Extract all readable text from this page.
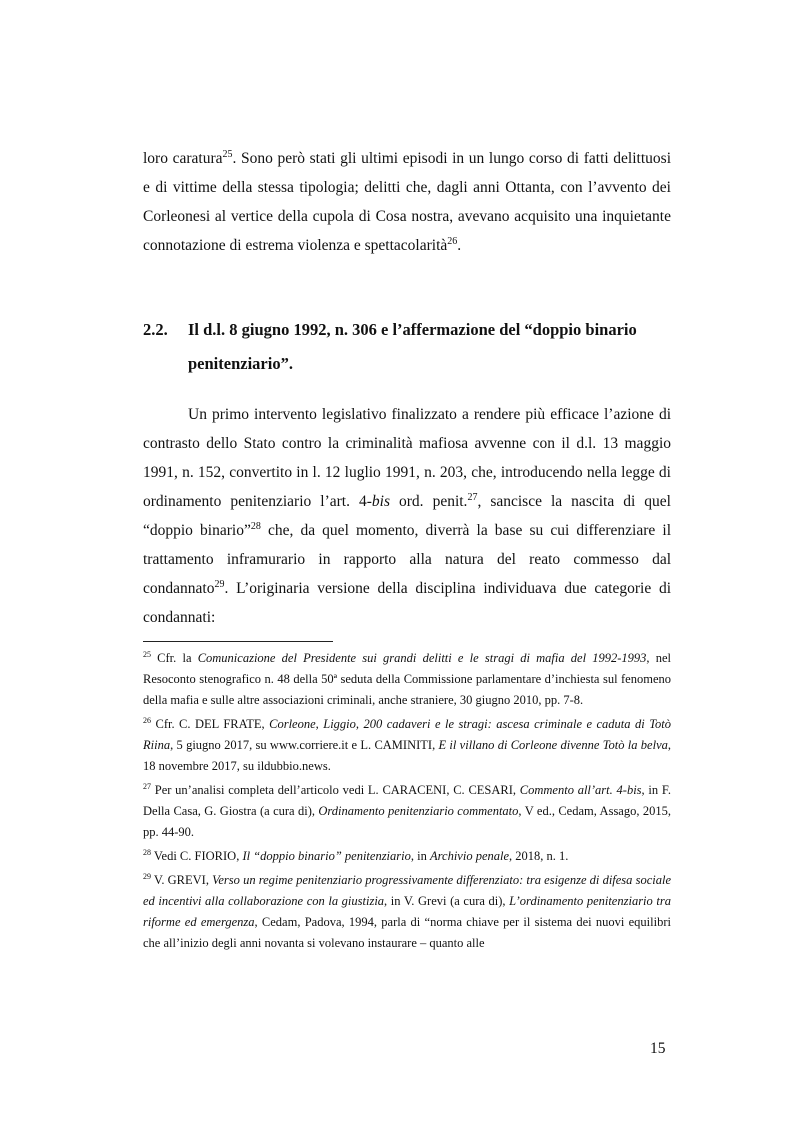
loro caratura$^{25}$. Sono però stati gli ultimi episodi in un lungo corso di fatti delittuosi e di vittime della stessa tipologia; delitti che, dagli anni Ottanta, con l’avvento dei Corleonesi al vertice della cupola di Cosa nostra, avevano acquisito una inquietante connotazione di estrema violenza e spettacolarità$^{26}$.

2.2. Il d.l. 8 giugno 1992, n. 306 e l’affermazione del “doppio binario penitenziario”.

Un primo intervento legislativo finalizzato a rendere più efficace l’azione di contrasto dello Stato contro la criminalità mafiosa avvenne con il d.l. 13 maggio 1991, n. 152, convertito in l. 12 luglio 1991, n. 203, che, introducendo nella legge di ordinamento penitenziario l’art. 4-bis ord. penit.$^{27}$, sancisce la nascita di quel “doppio binario”$^{28}$ che, da quel momento, diverrà la base su cui differenziare il trattamento inframurario in rapporto alla natura del reato commesso dal condannato$^{29}$. L’originaria versione della disciplina individuava due categorie di condannati:

$^{25}$ Cfr. la Comunicazione del Presidente sui grandi delitti e le stragi di mafia del 1992-1993, nel Resoconto stenografico n. 48 della 50ª seduta della Commissione parlamentare d’inchiesta sul fenomeno della mafia e sulle altre associazioni criminali, anche straniere, 30 giugno 2010, pp. 7-8.

$^{26}$ Cfr. C. DEL FRATE, Corleone, Liggio, 200 cadaveri e le stragi: ascesa criminale e caduta di Totò Riina, 5 giugno 2017, su www.corriere.it e L. CAMINITI, E il villano di Corleone divenne Totò la belva, 18 novembre 2017, su ildubbio.news.

$^{27}$ Per un’analisi completa dell’articolo vedi L. CARACENI, C. CESARI, Commento all’art. 4-bis, in F. Della Casa, G. Giostra (a cura di), Ordinamento penitenziario commentato, V ed., Cedam, Assago, 2015, pp. 44-90.

$^{28}$ Vedi C. FIORIO, Il “doppio binario” penitenziario, in Archivio penale, 2018, n. 1.

$^{29}$ V. GREVI, Verso un regime penitenziario progressivamente differenziato: tra esigenze di difesa sociale ed incentivi alla collaborazione con la giustizia, in V. Grevi (a cura di), L’ordinamento penitenziario tra riforme ed emergenza, Cedam, Padova, 1994, parla di “norma chiave per il sistema dei nuovi equilibri che all’inizio degli anni novanta si volevano instaurare – quanto alle

15
